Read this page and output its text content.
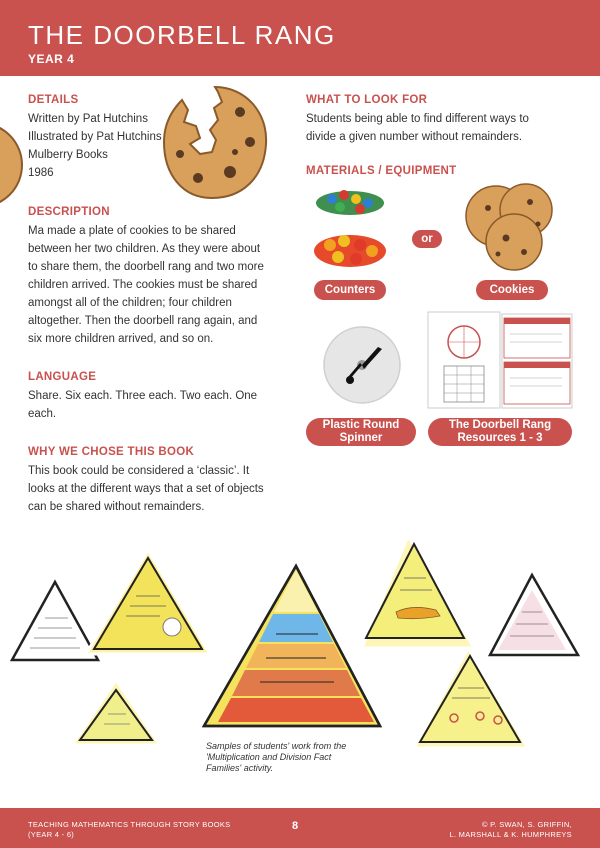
THE DOORBELL RANG
YEAR 4
DETAILS
Written by Pat Hutchins
Illustrated by Pat Hutchins
Mulberry Books
1986
DESCRIPTION
Ma made a plate of cookies to be shared
between her two children. As they were about
to share them, the doorbell rang and two more
children arrived. The cookies must be shared
amongst all of the children; four children
altogether. Then the doorbell rang again, and
six more children arrived, and so on.
LANGUAGE
Share. Six each. Three each. Two each. One
each.
WHY WE CHOSE THIS BOOK
This book could be considered a ‘classic’. It
looks at the different ways that a set of objects
can be shared without remainders.
WHAT TO LOOK FOR
Students being able to find different ways to
divide a given number without remainders.
MATERIALS / EQUIPMENT
or
Counters	Cookies
Plastic Round
Spinner
The Doorbell Rang
Resources 1 - 3
Samples of students' work from the
'Multiplication and Division Fact
Families' activity.
TEACHING MATHEMATICS THROUGH STORY BOOKS
(YEAR 4 - 6)
8	© P. SWAN, S. GRIFFIN,
L. MARSHALL & K. HUMPHREYS
